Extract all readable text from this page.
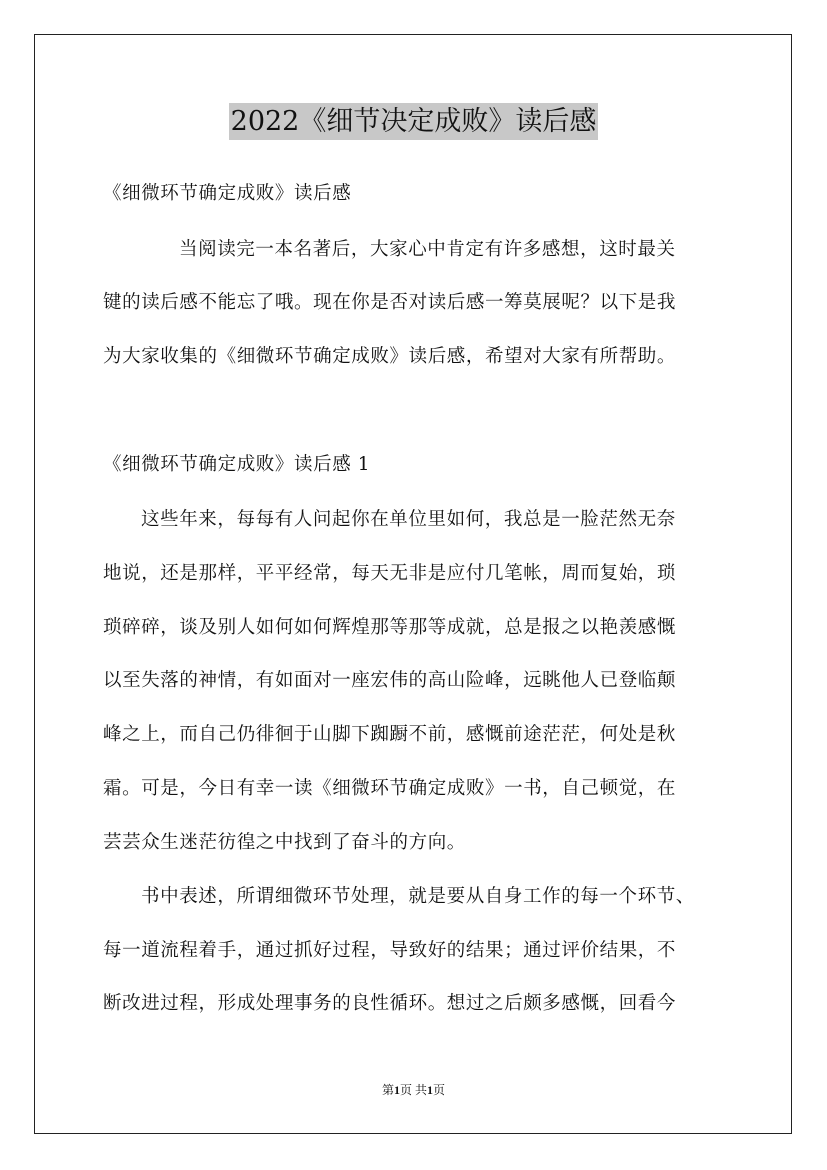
2022《细节决定成败》读后感
《细微环节确定成败》读后感
当阅读完一本名著后，大家心中肯定有许多感想，这时最关
键的读后感不能忘了哦。现在你是否对读后感一筹莫展呢？以下是我
为大家收集的《细微环节确定成败》读后感，希望对大家有所帮助。
《细微环节确定成败》读后感 1
这些年来，每每有人问起你在单位里如何，我总是一脸茫然无奈
地说，还是那样，平平经常，每天无非是应付几笔帐，周而复始，琐
琐碎碎，谈及别人如何如何辉煌那等那等成就，总是报之以艳羡感慨
以至失落的神情，有如面对一座宏伟的高山险峰，远眺他人已登临颠
峰之上，而自己仍徘徊于山脚下踟蹰不前，感慨前途茫茫，何处是秋
霜。可是，今日有幸一读《细微环节确定成败》一书，自己顿觉，在
芸芸众生迷茫彷徨之中找到了奋斗的方向。
书中表述，所谓细微环节处理，就是要从自身工作的每一个环节、
每一道流程着手，通过抓好过程，导致好的结果；通过评价结果，不
断改进过程，形成处理事务的良性循环。想过之后颇多感慨，回看今
第1页 共1页
